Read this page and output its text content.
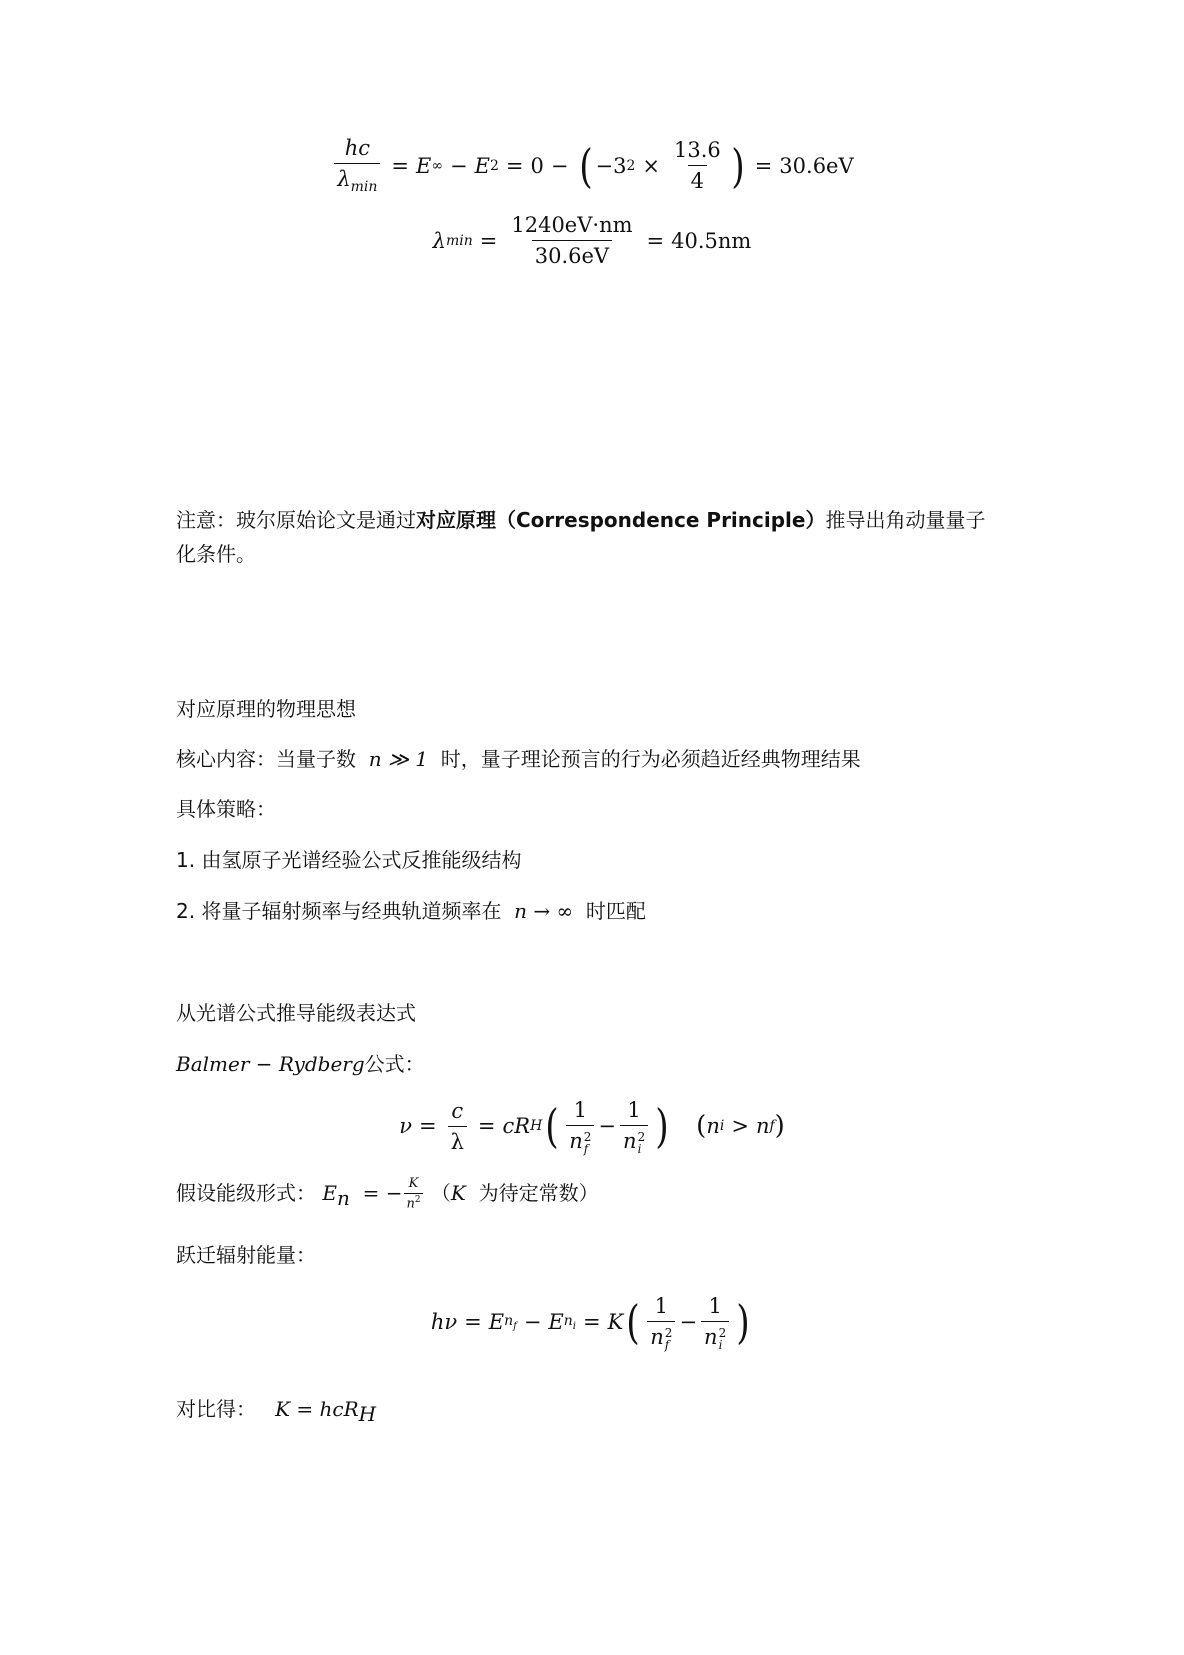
$\frac{hc}{\lambda_{min}} = E$ ∞ − E 2 = 0 − ( −3 $2 \times \frac{13.6}{4}$ ) = 30.6eV
λ $\min = \frac{1240eV\cdot nm}{30.6eV} = 40.5nm$
注意：玻尔原始论文是通过对应原理（Correspondence Principle）推导出角动量量子
化条件。
对应原理的物理思想
核心内容：当量子数 n ≫ 1 时，量子理论预言的行为必须趋近经典物理结果
具体策略：
1. 由氢原子光谱经验公式反推能级结构
2. 将量子辐射频率与经典轨道频率在 n → ∞ 时匹配
从光谱公式推导能级表达式
Balmer − Rydberg公式：
$\nu = \frac{c}{\lambda}$ = cR H ( 1
n 2
f − 1
n 2
i ) ( n i > n f )
假设能级形式： $E_n$  = − $\frac{K}{n^2} (K$ 为待定常数）
跃迁辐射能量：
hν = E $n_f - E$ $n_i = K$ ( 1
n 2
f − 1
n 2
i )
对比得： K = hcR$_H$
